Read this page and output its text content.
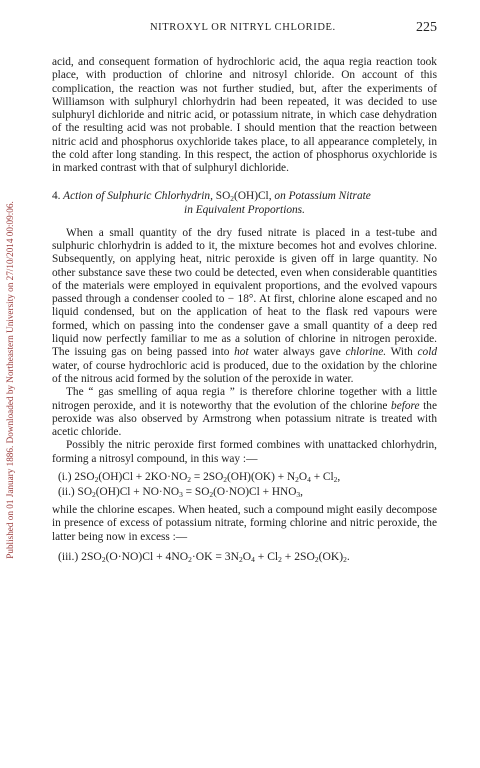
Published on 01 January 1886. Downloaded by Northeastern University on 27/10/2014 00:09:06.
NITROXYL OR NITRYL CHLORIDE.	225

acid, and consequent formation of hydrochloric acid, the aqua regia reaction took place, with production of chlorine and nitrosyl chloride. On account of this complication, the reaction was not further studied, but, after the experiments of Williamson with sulphuryl chlorhydrin had been repeated, it was decided to use sulphuryl dichloride and nitric acid, or potassium nitrate, in which case dehydration of the resulting acid was not probable. I should mention that the reaction between nitric acid and phosphorus oxychloride takes place, to all appearance completely, in the cold after long standing. In this respect, the action of phosphorus oxychloride is in marked contrast with that of sulphuryl dichloride.

4. Action of Sulphuric Chlorhydrin, $SO_2(OH)Cl$, on Potassium Nitrate
in Equivalent Proportions.

When a small quantity of the dry fused nitrate is placed in a test-tube and sulphuric chlorhydrin is added to it, the mixture becomes hot and evolves chlorine. Subsequently, on applying heat, nitric peroxide is given off in large quantity. No other substance save these two could be detected, even when considerable quantities of the materials were employed in equivalent proportions, and the evolved vapours passed through a condenser cooled to − 18°. At first, chlorine alone escaped and no liquid condensed, but on the application of heat to the flask red vapours were formed, which on passing into the condenser gave a small quantity of a deep red liquid now perfectly familiar to me as a solution of chlorine in nitrogen peroxide. The issuing gas on being passed into hot water always gave chlorine. With cold water, of course hydrochloric acid is produced, due to the oxidation by the chlorine of the nitrous acid formed by the solution of the peroxide in water.

The “ gas smelling of aqua regia ” is therefore chlorine together with a little nitrogen peroxide, and it is noteworthy that the evolution of the chlorine before the peroxide was also observed by Armstrong when potassium nitrate is treated with acetic chloride.

Possibly the nitric peroxide first formed combines with unattacked chlorhydrin, forming a nitrosyl compound, in this way :—

(i.) $2SO_2(OH)Cl + 2KO\cdot NO_2 = 2SO_2(OH)(OK) + N_2O_4 + Cl_2$,

(ii.) $SO_2(OH)Cl + NO\cdot NO_3 = SO_2(O\cdot NO)Cl + HNO_3$,

while the chlorine escapes. When heated, such a compound might easily decompose in presence of excess of potassium nitrate, forming chlorine and nitric peroxide, the latter being now in excess :—

(iii.) $2SO_2(O\cdot NO)Cl + 4NO_2\cdot OK = 3N_2O_4 + Cl_2 + 2SO_2(OK)_2$.
